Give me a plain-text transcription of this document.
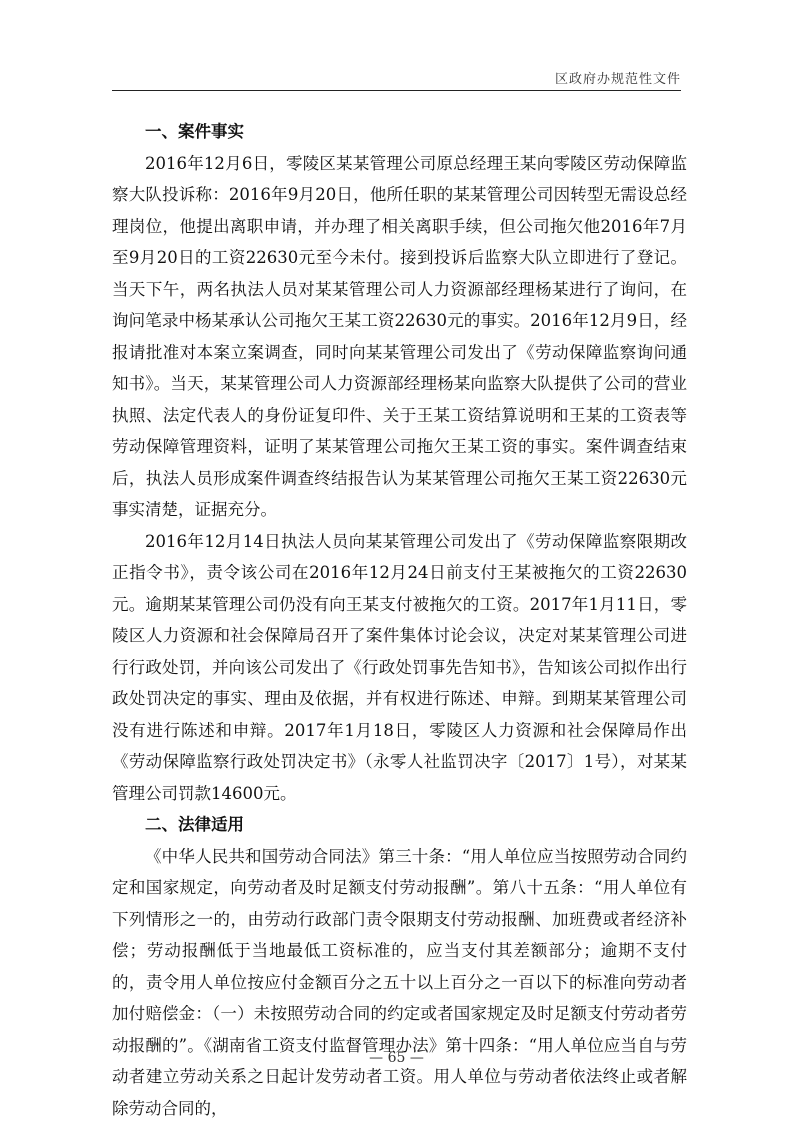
区政府办规范性文件
一、案件事实

2016年12月6日，零陵区某某管理公司原总经理王某向零陵区劳动保障监察大队投诉称：2016年9月20日，他所任职的某某管理公司因转型无需设总经理岗位，他提出离职申请，并办理了相关离职手续，但公司拖欠他2016年7月至9月20日的工资22630元至今未付。接到投诉后监察大队立即进行了登记。当天下午，两名执法人员对某某管理公司人力资源部经理杨某进行了询问，在询问笔录中杨某承认公司拖欠王某工资22630元的事实。2016年12月9日，经报请批准对本案立案调查，同时向某某管理公司发出了《劳动保障监察询问通知书》。当天，某某管理公司人力资源部经理杨某向监察大队提供了公司的营业执照、法定代表人的身份证复印件、关于王某工资结算说明和王某的工资表等劳动保障管理资料，证明了某某管理公司拖欠王某工资的事实。案件调查结束后，执法人员形成案件调查终结报告认为某某管理公司拖欠王某工资22630元事实清楚，证据充分。

2016年12月14日执法人员向某某管理公司发出了《劳动保障监察限期改正指令书》，责令该公司在2016年12月24日前支付王某被拖欠的工资22630元。逾期某某管理公司仍没有向王某支付被拖欠的工资。2017年1月11日，零陵区人力资源和社会保障局召开了案件集体讨论会议，决定对某某管理公司进行行政处罚，并向该公司发出了《行政处罚事先告知书》，告知该公司拟作出行政处罚决定的事实、理由及依据，并有权进行陈述、申辩。到期某某管理公司没有进行陈述和申辩。2017年1月18日，零陵区人力资源和社会保障局作出《劳动保障监察行政处罚决定书》（永零人社监罚决字〔2017〕1号），对某某管理公司罚款14600元。

二、法律适用

《中华人民共和国劳动合同法》第三十条：“用人单位应当按照劳动合同约定和国家规定，向劳动者及时足额支付劳动报酬”。第八十五条：“用人单位有下列情形之一的，由劳动行政部门责令限期支付劳动报酬、加班费或者经济补偿；劳动报酬低于当地最低工资标准的，应当支付其差额部分；逾期不支付的，责令用人单位按应付金额百分之五十以上百分之一百以下的标准向劳动者加付赔偿金：（一）未按照劳动合同的约定或者国家规定及时足额支付劳动者劳动报酬的”。《湖南省工资支付监督管理办法》第十四条：“用人单位应当自与劳动者建立劳动关系之日起计发劳动者工资。用人单位与劳动者依法终止或者解除劳动合同的，

— 65 —
